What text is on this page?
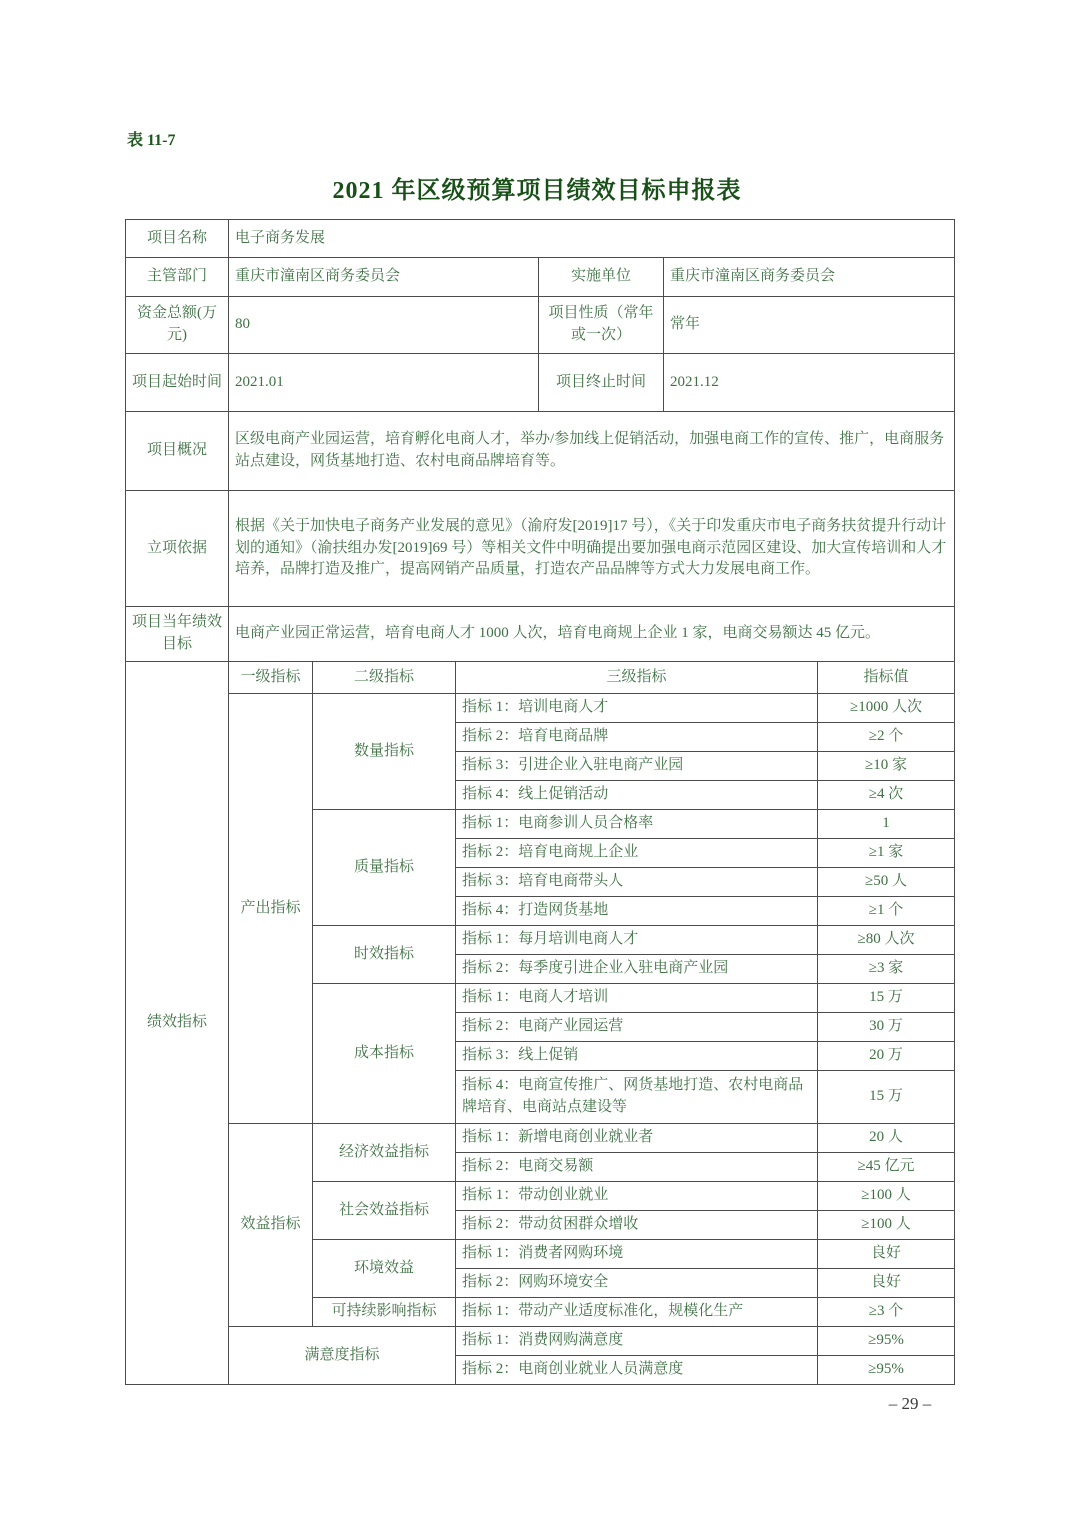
表 11-7
2021 年区级预算项目绩效目标申报表
项目名称	电子商务发展					
主管部门	重庆市潼南区商务委员会			实施单位	重庆市潼南区商务委员会	
资金总额(万元)	80			项目性质（常年或一次）	常年	
项目起始时间	2021.01			项目终止时间	2021.12	
项目概况	区级电商产业园运营，培育孵化电商人才，举办/参加线上促销活动，加强电商工作的宣传、推广，电商服务站点建设，网货基地打造、农村电商品牌培育等。					
立项依据	根据《关于加快电子商务产业发展的意见》（渝府发[2019]17 号），《关于印发重庆市电子商务扶贫提升行动计划的通知》（渝扶组办发[2019]69 号）等相关文件中明确提出要加强电商示范园区建设、加大宣传培训和人才培养，品牌打造及推广，提高网销产品质量，打造农产品品牌等方式大力发展电商工作。					
项目当年绩效目标	电商产业园正常运营，培育电商人才 1000 人次，培育电商规上企业 1 家，电商交易额达 45 亿元。					
绩效指标	一级指标	二级指标	三级指标			指标值
	产出指标	数量指标	指标 1：培训电商人才			≥1000 人次
			指标 2：培育电商品牌			≥2 个
			指标 3：引进企业入驻电商产业园			≥10 家
			指标 4：线上促销活动			≥4 次
		质量指标	指标 1：电商参训人员合格率			1
			指标 2：培育电商规上企业			≥1 家
			指标 3：培育电商带头人			≥50 人
			指标 4：打造网货基地			≥1 个
		时效指标	指标 1：每月培训电商人才			≥80 人次
			指标 2：每季度引进企业入驻电商产业园			≥3 家
		成本指标	指标 1：电商人才培训			15 万
			指标 2：电商产业园运营			30 万
			指标 3：线上促销			20 万
			指标 4：电商宣传推广、网货基地打造、农村电商品牌培育、电商站点建设等			15 万
	效益指标	经济效益指标	指标 1：新增电商创业就业者			20 人
			指标 2：电商交易额			≥45 亿元
		社会效益指标	指标 1：带动创业就业			≥100 人
			指标 2：带动贫困群众增收			≥100 人
		环境效益	指标 1：消费者网购环境			良好
			指标 2：网购环境安全			良好
		可持续影响指标	指标 1：带动产业适度标准化，规模化生产			≥3 个
	满意度指标		指标 1：消费网购满意度			≥95%
			指标 2：电商创业就业人员满意度			≥95%
– 29 –
